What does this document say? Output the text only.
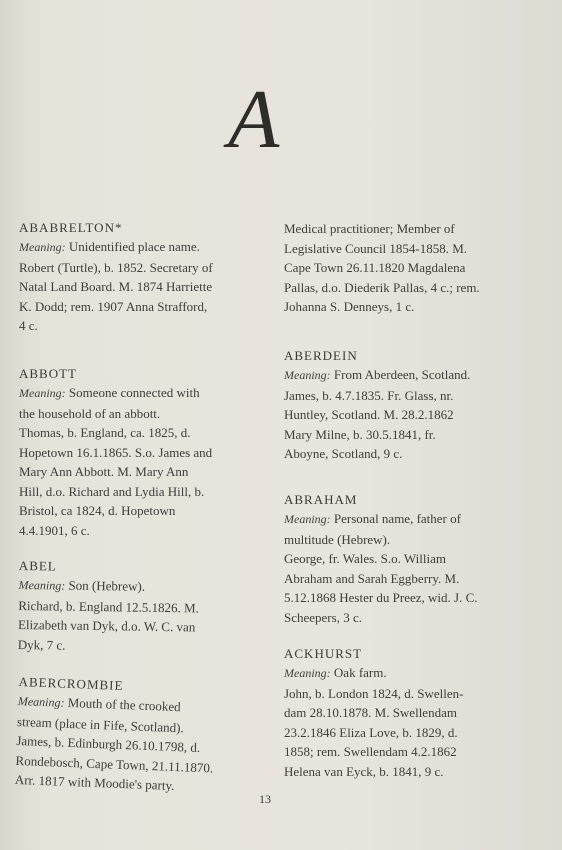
A
ABABRELTON*
Meaning: Unidentified place name.
Robert (Turtle), b. 1852. Secretary of
Natal Land Board. M. 1874 Harriette
K. Dodd; rem. 1907 Anna Strafford,
4 c.
ABBOTT
Meaning: Someone connected with
the household of an abbott.
Thomas, b. England, ca. 1825, d.
Hopetown 16.1.1865. S.o. James and
Mary Ann Abbott. M. Mary Ann
Hill, d.o. Richard and Lydia Hill, b.
Bristol, ca 1824, d. Hopetown
4.4.1901, 6 c.
ABEL
Meaning: Son (Hebrew).
Richard, b. England 12.5.1826. M.
Elizabeth van Dyk, d.o. W. C. van
Dyk, 7 c.
ABERCROMBIE
Meaning: Mouth of the crooked
stream (place in Fife, Scotland).
James, b. Edinburgh 26.10.1798, d.
Rondebosch, Cape Town, 21.11.1870.
Arr. 1817 with Moodie's party.
Medical practitioner; Member of
Legislative Council 1854-1858. M.
Cape Town 26.11.1820 Magdalena
Pallas, d.o. Diederik Pallas, 4 c.; rem.
Johanna S. Denneys, 1 c.
ABERDEIN
Meaning: From Aberdeen, Scotland.
James, b. 4.7.1835. Fr. Glass, nr.
Huntley, Scotland. M. 28.2.1862
Mary Milne, b. 30.5.1841, fr.
Aboyne, Scotland, 9 c.
ABRAHAM
Meaning: Personal name, father of
multitude (Hebrew).
George, fr. Wales. S.o. William
Abraham and Sarah Eggberry. M.
5.12.1868 Hester du Preez, wid. J. C.
Scheepers, 3 c.
ACKHURST
Meaning: Oak farm.
John, b. London 1824, d. Swellen-
dam 28.10.1878. M. Swellendam
23.2.1846 Eliza Love, b. 1829, d.
1858; rem. Swellendam 4.2.1862
Helena van Eyck, b. 1841, 9 c.
13
